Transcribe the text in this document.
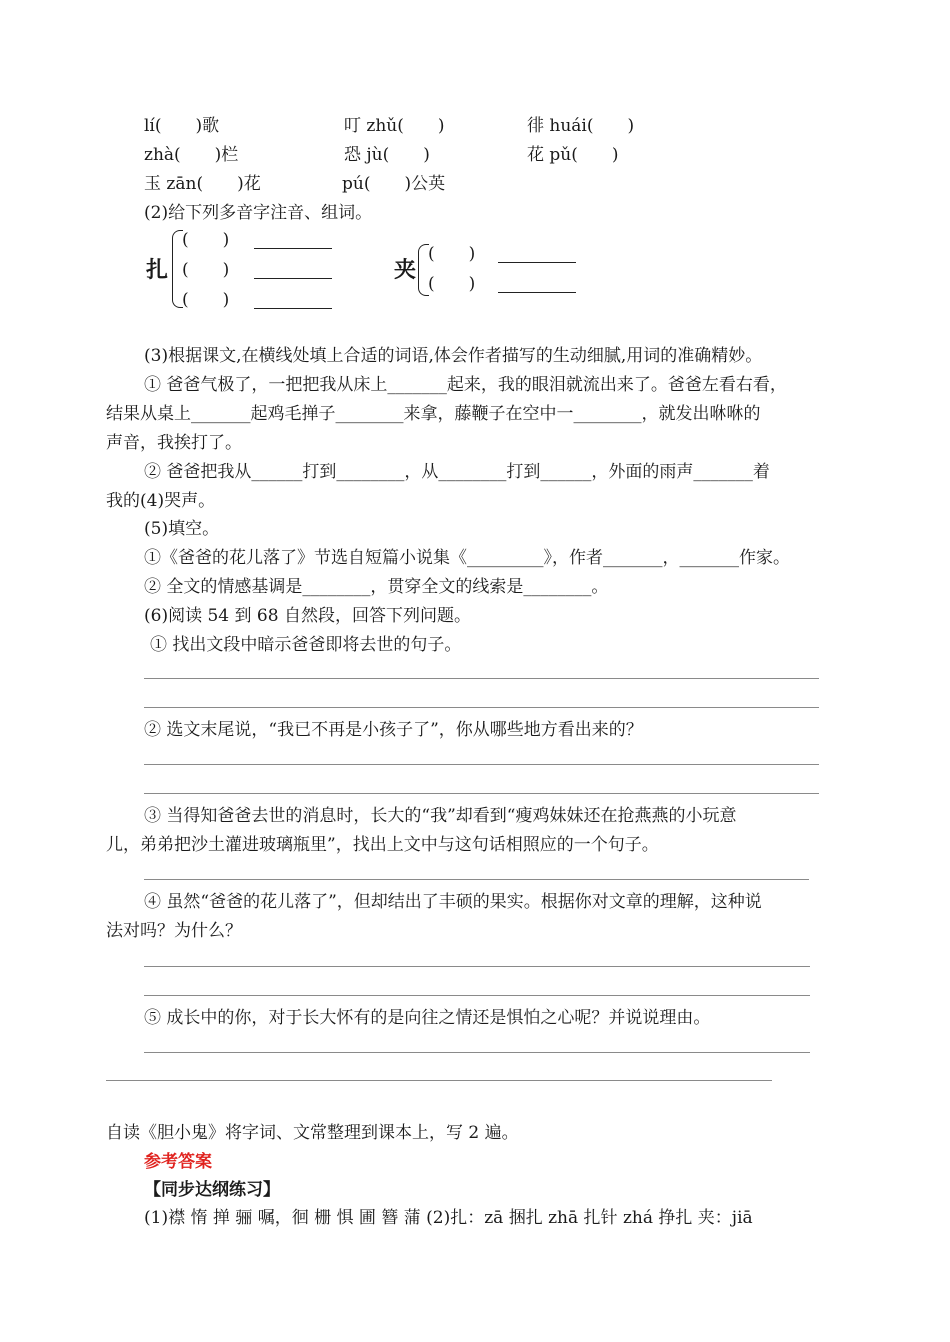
lí(　　)歌	叮 zhǔ(　　)	徘 huái(　　)
zhà(　　)栏	恐 jù(　　)	花 pǔ(　　)
玉 zān(　　)花	pú(　　)公英
(2)给下列多音字注音、组词。
扎
(　　)
(　　)
(　　)
夹
(　　)
(　　)
(3)根据课文,在横线处填上合适的词语,体会作者描写的生动细腻,用词的准确精妙。
① 爸爸气极了，一把把我从床上_______起来，我的眼泪就流出来了。爸爸左看右看，
结果从桌上_______起鸡毛掸子________来拿，藤鞭子在空中一________，就发出咻咻的
声音，我挨打了。
② 爸爸把我从______打到________，从________打到______，外面的雨声_______着
我的(4)哭声。
(5)填空。
①《爸爸的花儿落了》节选自短篇小说集《_________》，作者_______，_______作家。
② 全文的情感基调是________，贯穿全文的线索是________。
(6)阅读 54 到 68 自然段，回答下列问题。
① 找出文段中暗示爸爸即将去世的句子。
② 选文末尾说，“我已不再是小孩子了”，你从哪些地方看出来的？
③ 当得知爸爸去世的消息时，长大的“我”却看到“瘦鸡妹妹还在抢燕燕的小玩意
儿，弟弟把沙土灌进玻璃瓶里”，找出上文中与这句话相照应的一个句子。
④ 虽然“爸爸的花儿落了”，但却结出了丰硕的果实。根据你对文章的理解，这种说
法对吗？为什么？
⑤ 成长中的你，对于长大怀有的是向往之情还是惧怕之心呢？并说说理由。
自读《胆小鬼》将字词、文常整理到课本上，写 2 遍。
参考答案
【同步达纲练习】
(1)襟 惰 掸 骊 嘱，徊 栅 惧 圃 簪 蒲 (2)扎：zā 捆扎 zhā 扎针 zhá 挣扎 夹：jiā
